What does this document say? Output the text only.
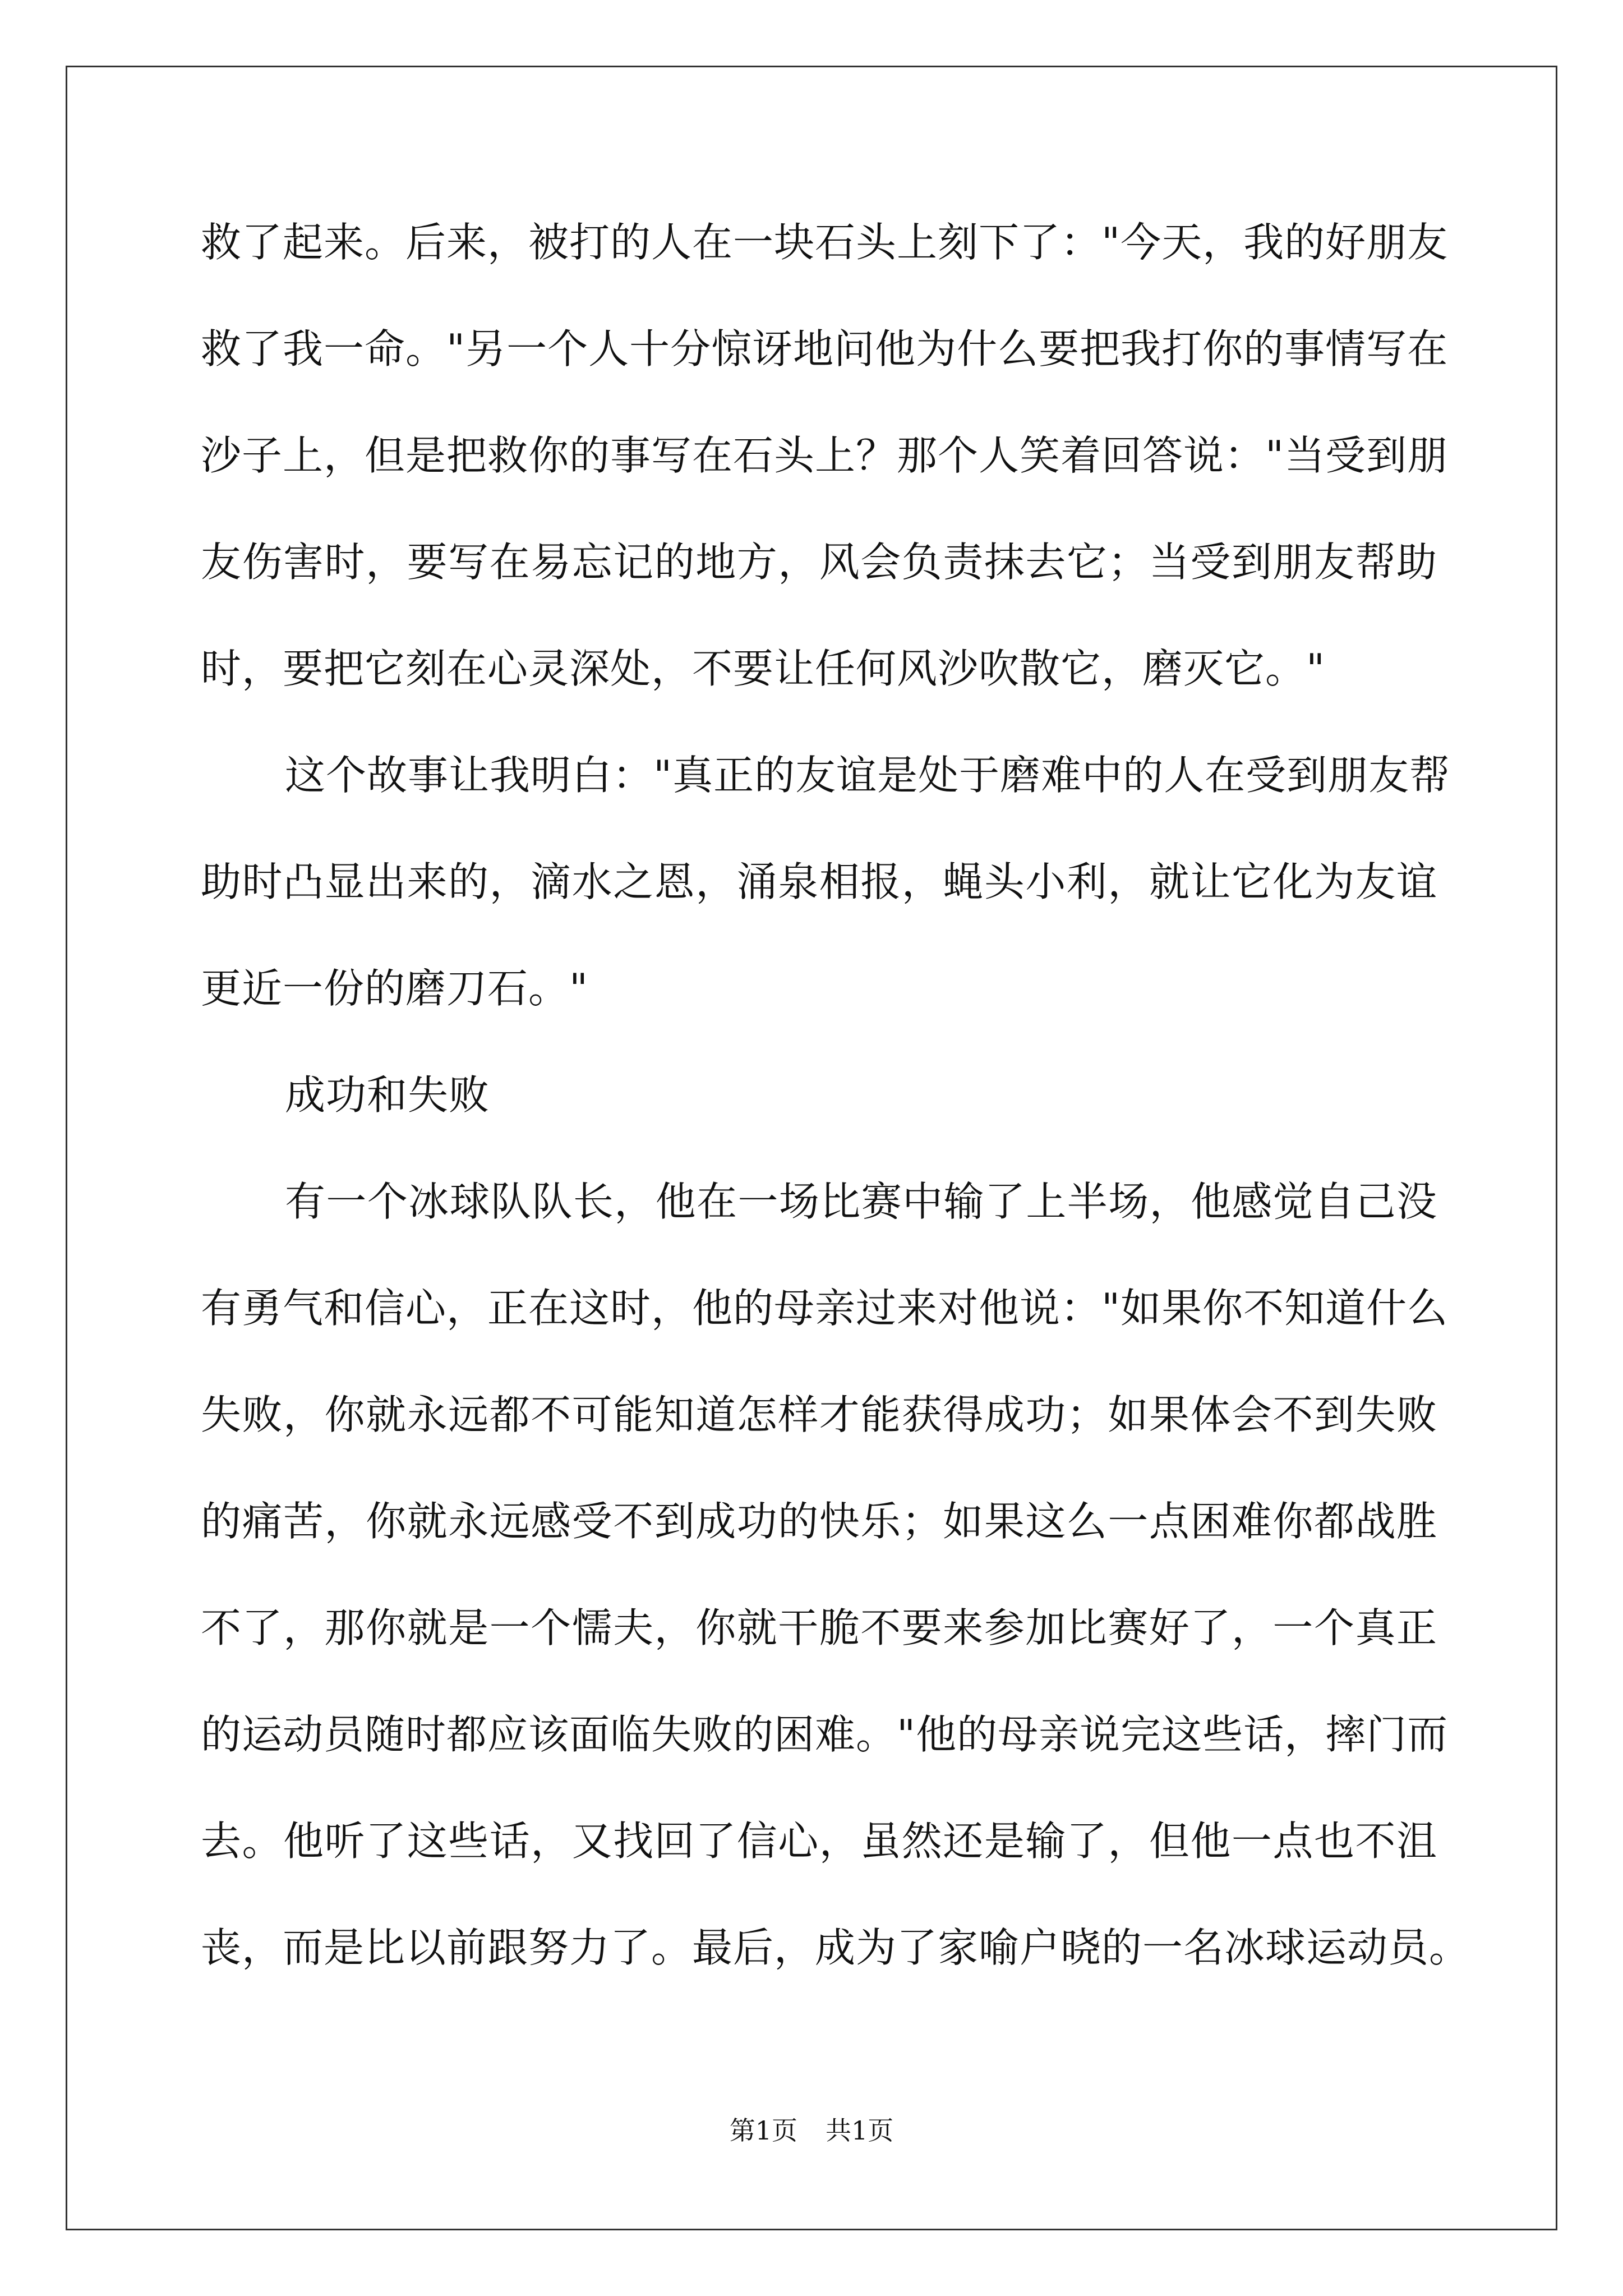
救了起来。后来，被打的人在一块石头上刻下了："今天，我的好朋友
救了我一命。"另一个人十分惊讶地问他为什么要把我打你的事情写在
沙子上，但是把救你的事写在石头上？那个人笑着回答说："当受到朋
友伤害时，要写在易忘记的地方，风会负责抹去它；当受到朋友帮助
时，要把它刻在心灵深处，不要让任何风沙吹散它，磨灭它。"
这个故事让我明白："真正的友谊是处于磨难中的人在受到朋友帮
助时凸显出来的，滴水之恩，涌泉相报，蝇头小利，就让它化为友谊
更近一份的磨刀石。"
成功和失败
有一个冰球队队长，他在一场比赛中输了上半场，他感觉自己没
有勇气和信心，正在这时，他的母亲过来对他说："如果你不知道什么
失败，你就永远都不可能知道怎样才能获得成功；如果体会不到失败
的痛苦，你就永远感受不到成功的快乐；如果这么一点困难你都战胜
不了，那你就是一个懦夫，你就干脆不要来参加比赛好了，一个真正
的运动员随时都应该面临失败的困难。"他的母亲说完这些话，摔门而
去。他听了这些话，又找回了信心，虽然还是输了，但他一点也不沮
丧，而是比以前跟努力了。最后，成为了家喻户晓的一名冰球运动员。
第1页 共1页
